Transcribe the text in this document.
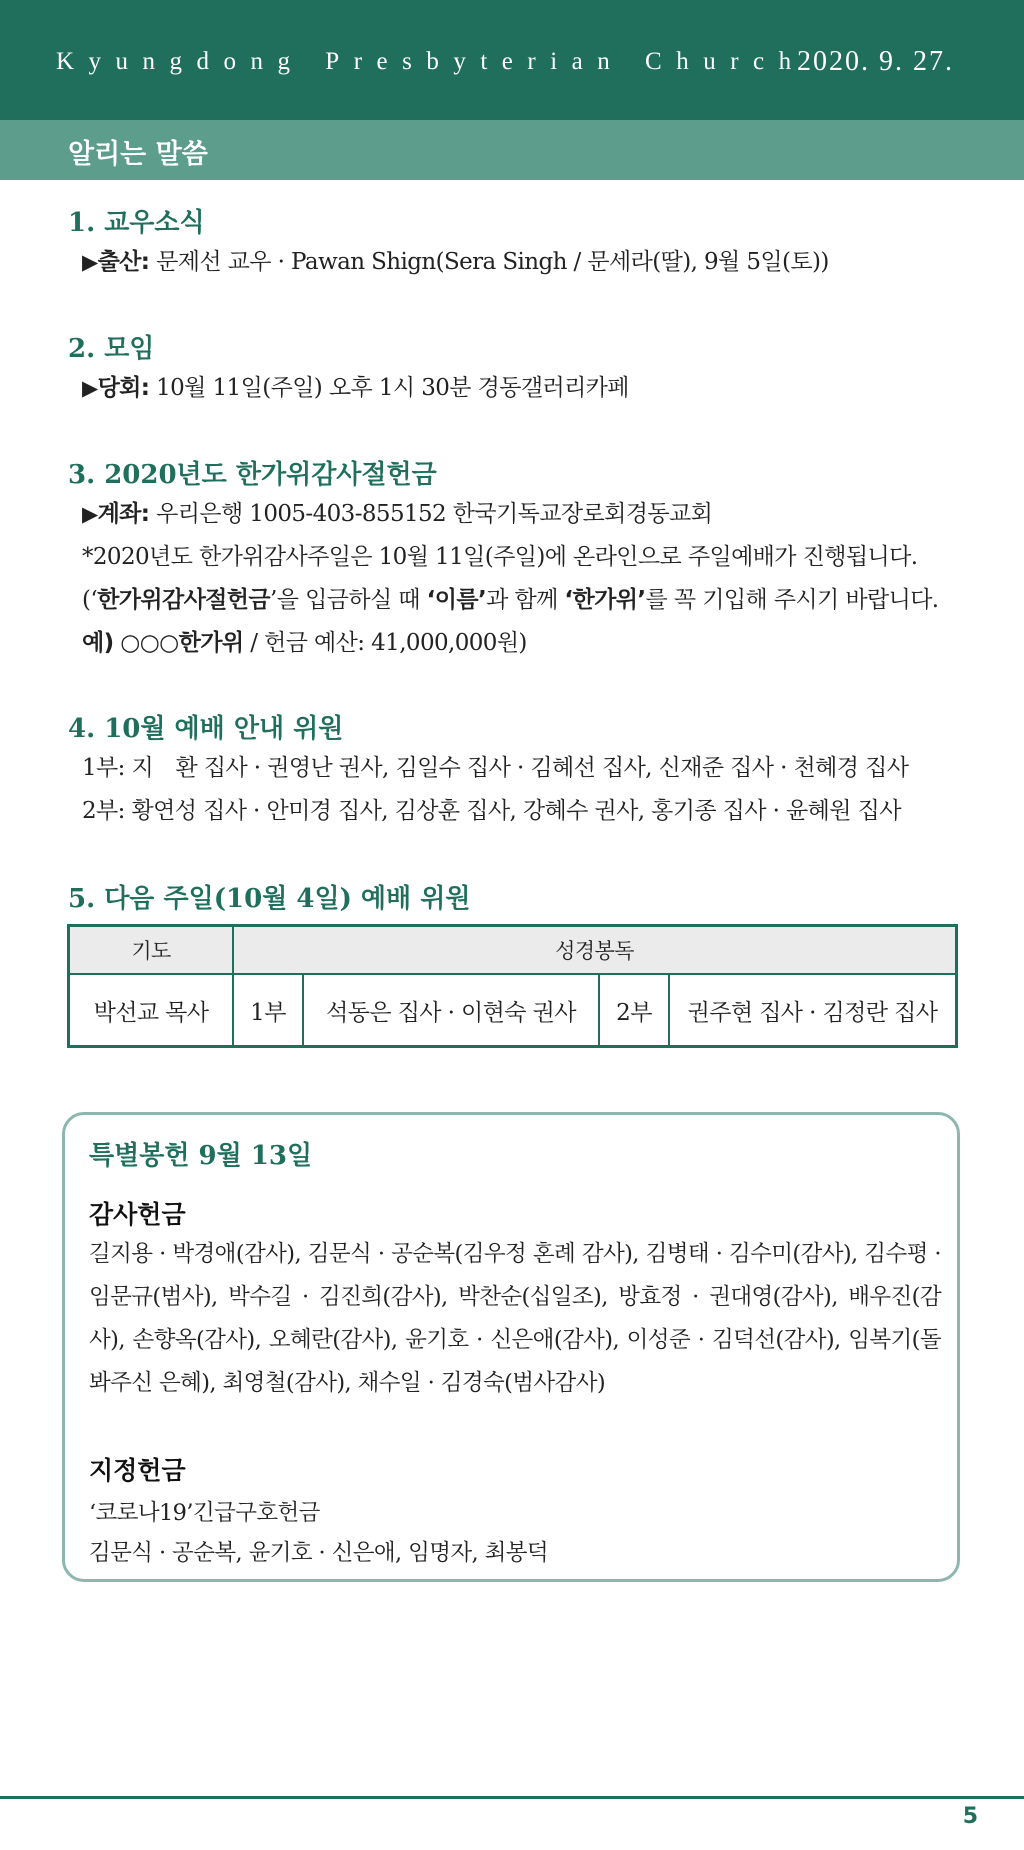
Kyungdong Presbyterian Church
2020. 9. 27.
알리는 말씀
1. 교우소식
▶출산: 문제선 교우 · Pawan Shign(Sera Singh / 문세라(딸), 9월 5일(토))
2. 모임
▶당회: 10월 11일(주일) 오후 1시 30분 경동갤러리카페
3. 2020년도 한가위감사절헌금
▶계좌: 우리은행 1005-403-855152 한국기독교장로회경동교회
*2020년도 한가위감사주일은 10월 11일(주일)에 온라인으로 주일예배가 진행됩니다.
(‘한가위감사절헌금’을 입금하실 때 ‘이름’과 함께 ‘한가위’를 꼭 기입해 주시기 바랍니다.
예) ○○○한가위 / 헌금 예산: 41,000,000원)
4. 10월 예배 안내 위원
1부: 지　환 집사 · 권영난 권사, 김일수 집사 · 김혜선 집사, 신재준 집사 · 천혜경 집사
2부: 황연성 집사 · 안미경 집사, 김상훈 집사, 강혜수 권사, 홍기종 집사 · 윤혜원 집사
5. 다음 주일(10월 4일) 예배 위원
기도	성경봉독			
박선교 목사	1부	석동은 집사 · 이현숙 권사	2부	권주현 집사 · 김정란 집사
특별봉헌 9월 13일
감사헌금
길지용 · 박경애(감사), 김문식 · 공순복(김우정 혼례 감사), 김병태 · 김수미(감사), 김수평 · 임문규(범사), 박수길 · 김진희(감사), 박찬순(십일조), 방효정 · 권대영(감사), 배우진(감사), 손향옥(감사), 오혜란(감사), 윤기호 · 신은애(감사), 이성준 · 김덕선(감사), 임복기(돌봐주신 은혜), 최영철(감사), 채수일 · 김경숙(범사감사)
지정헌금
‘코로나19’긴급구호헌금
김문식 · 공순복, 윤기호 · 신은애, 임명자, 최봉덕
5
